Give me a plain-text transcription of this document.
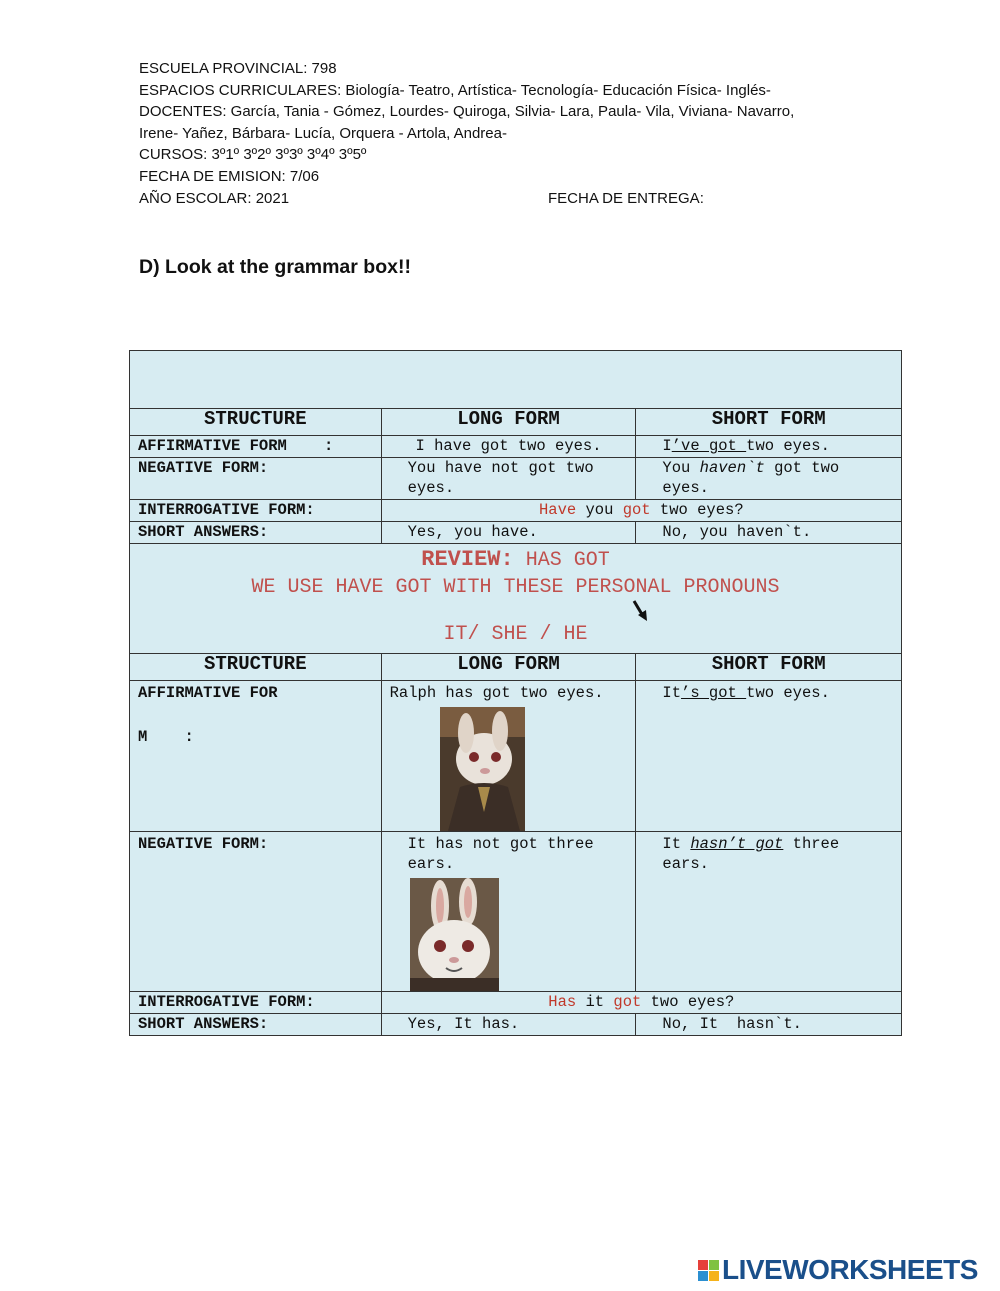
ESCUELA PROVINCIAL: 798
ESPACIOS CURRICULARES: Biología- Teatro, Artística- Tecnología- Educación Física- Inglés-
DOCENTES: García, Tania - Gómez, Lourdes- Quiroga, Silvia- Lara, Paula- Vila, Viviana- Navarro,
Irene- Yañez, Bárbara- Lucía, Orquera - Artola, Andrea-
CURSOS: 3º1º 3º2º 3º3º 3º4º 3º5º
FECHA DE EMISION: 7/06
AÑO ESCOLAR: 2021	FECHA DE ENTREGA:
D) Look at the grammar box!!

STRUCTURE	LONG FORM	SHORT FORM
AFFIRMATIVE FORM    :	I have got two eyes.	I’ve got two eyes.
NEGATIVE FORM:	You have not got two eyes.	You haven`t got two eyes.
INTERROGATIVE FORM:	Have you got two eyes?	
SHORT ANSWERS:	Yes, you have.	No, you haven`t.

REVIEW: HAS GOT
WE USE HAVE GOT WITH THESE PERSONAL PRONOUNS
IT/ SHE / HE		

STRUCTURE	LONG FORM	SHORT FORM

AFFIRMATIVE FOR
M    :	Ralph has got two eyes.	It’s got two eyes.
NEGATIVE FORM:	It has not got three ears.	It hasn’t got three ears.
INTERROGATIVE FORM:	Has it got two eyes?	
SHORT ANSWERS:	Yes, It has.	No, It  hasn`t.
LIVEWORKSHEETS
